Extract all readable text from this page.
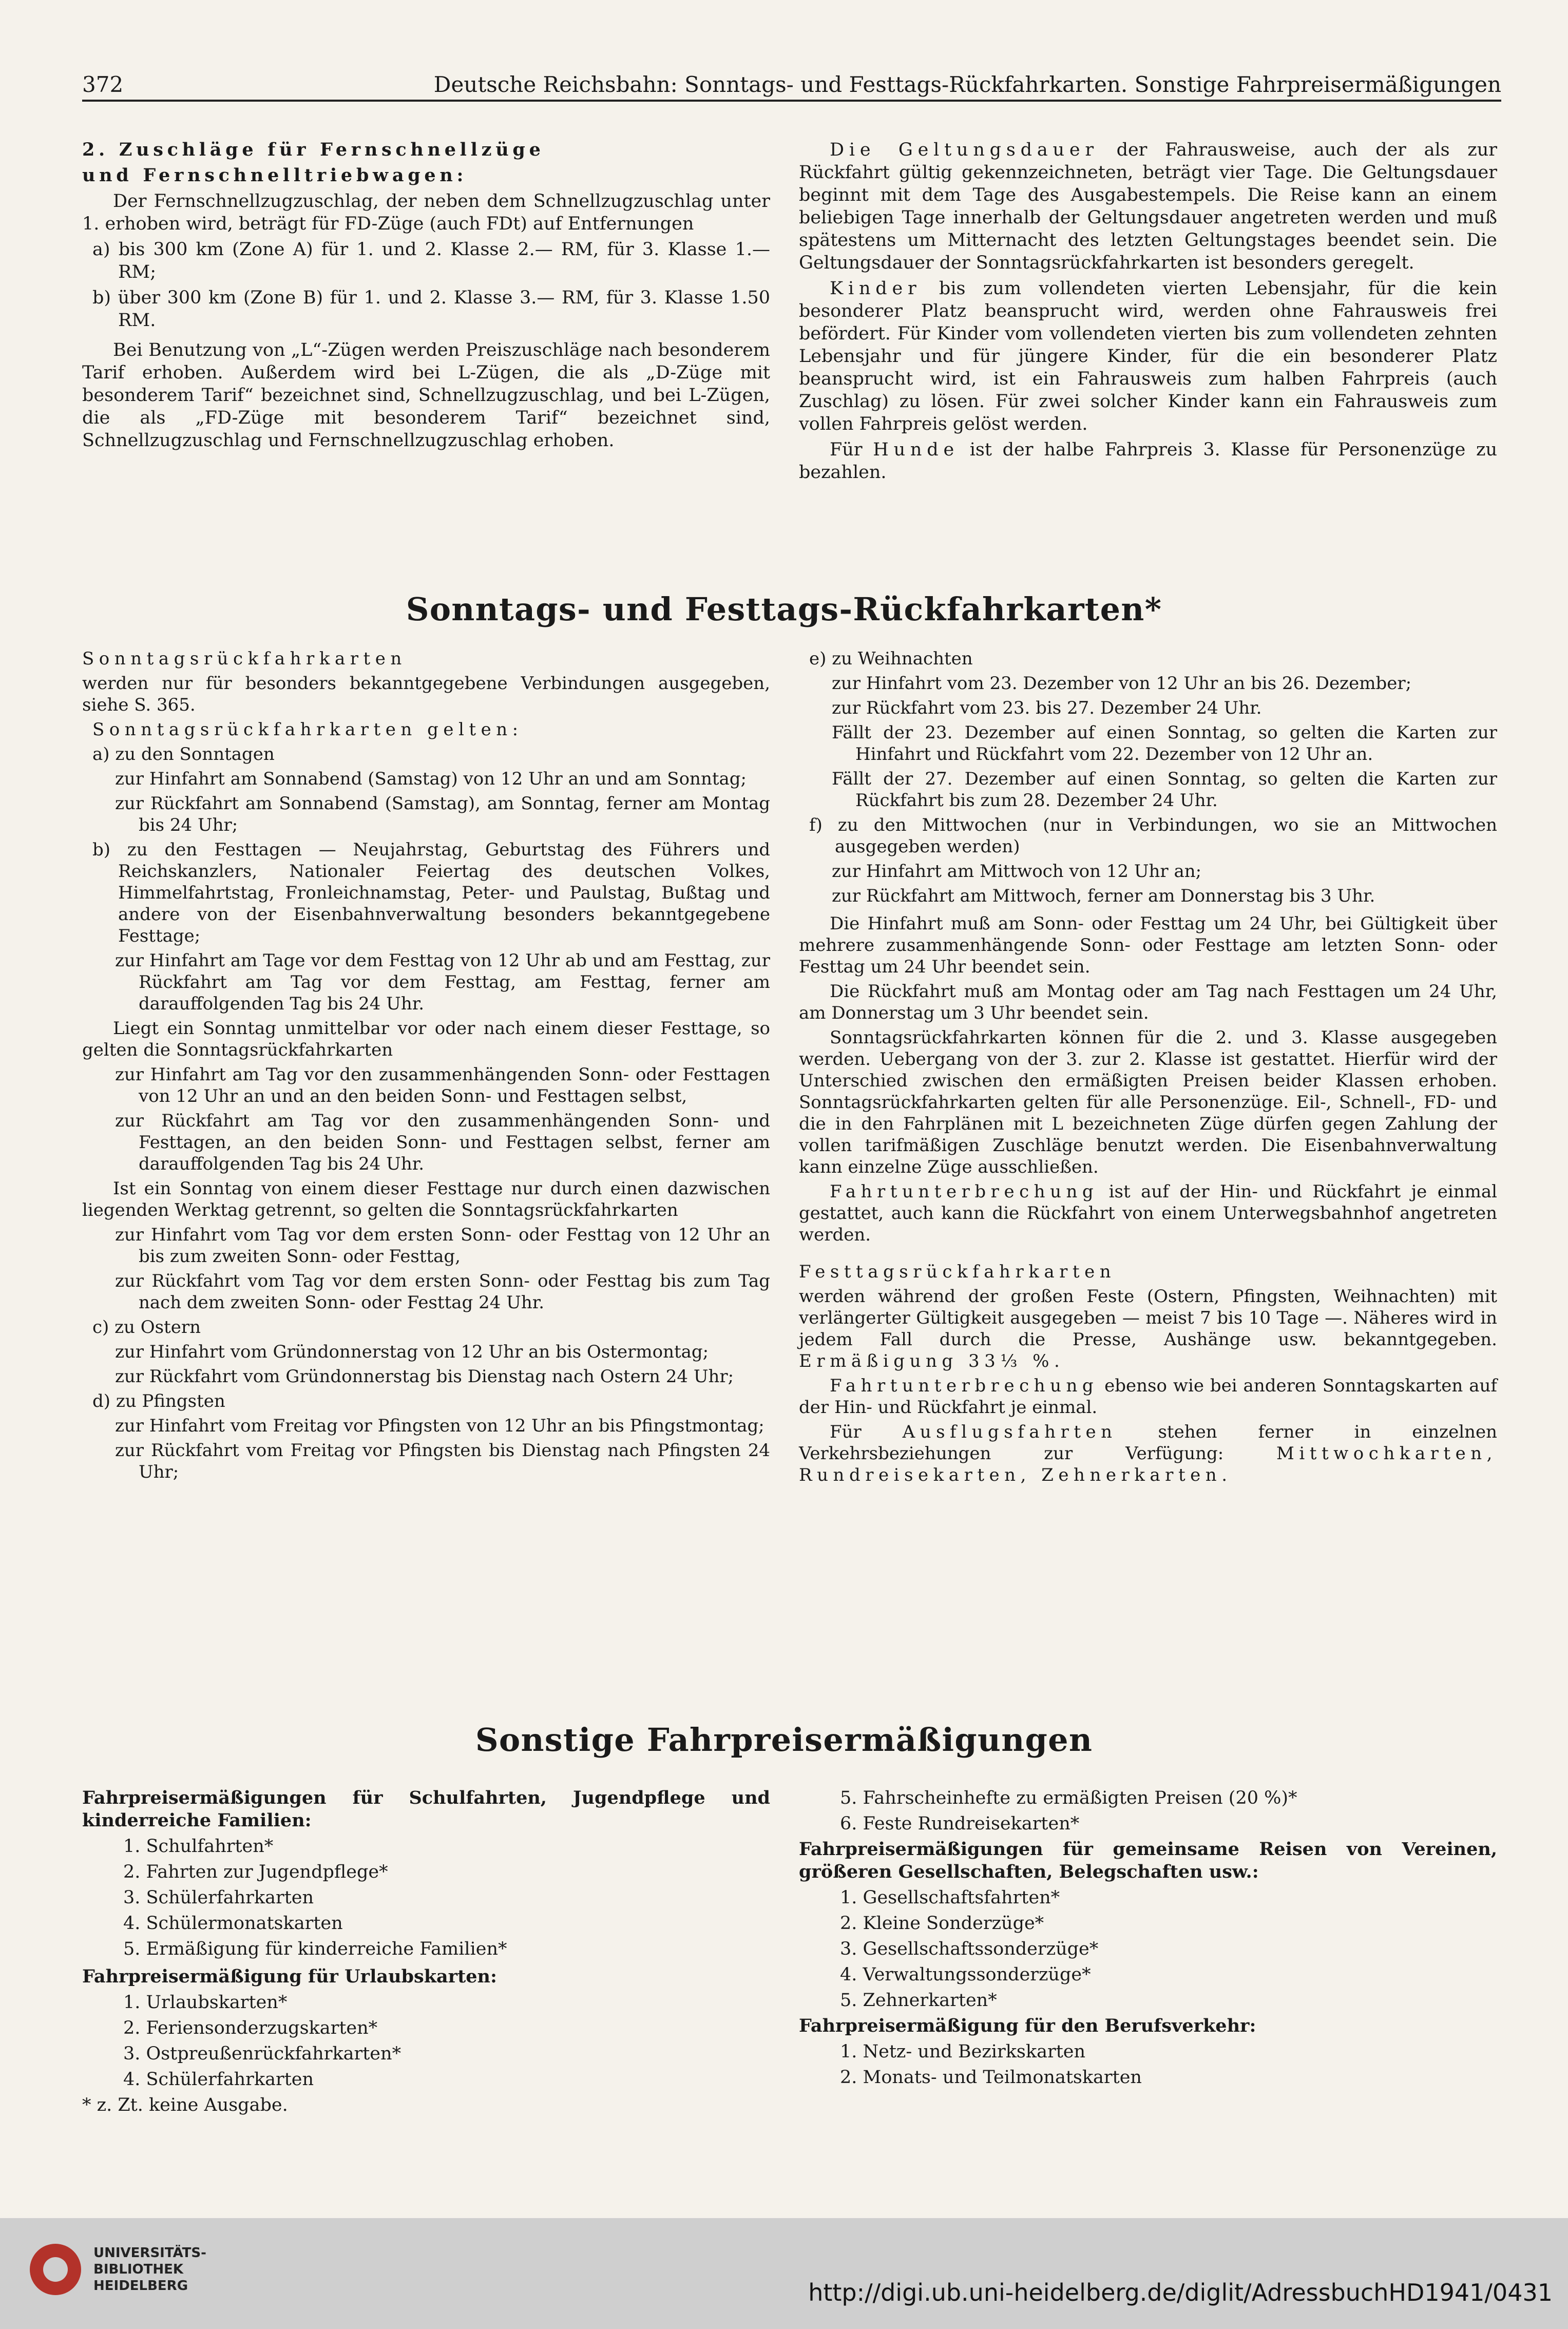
372	Deutsche Reichsbahn: Sonntags- und Festtags-Rückfahrkarten. Sonstige Fahrpreisermäßigungen

2. Zuschläge für Fernschnellzüge

und Fernschnelltriebwagen:

Der Fernschnellzugzuschlag, der neben dem Schnellzugzuschlag unter 1. erhoben wird, beträgt für FD-Züge (auch FDt) auf Entfernungen

a) bis 300 km (Zone A) für 1. und 2. Klasse 2.— RM, für 3. Klasse 1.— RM;

b) über 300 km (Zone B) für 1. und 2. Klasse 3.— RM, für 3. Klasse 1.50 RM.

Bei Benutzung von „L“-Zügen werden Preiszuschläge nach besonderem Tarif erhoben. Außerdem wird bei L-Zügen, die als „D-Züge mit besonderem Tarif“ bezeichnet sind, Schnellzugzuschlag, und bei L-Zügen, die als „FD-Züge mit besonderem Tarif“ bezeichnet sind, Schnellzugzuschlag und Fernschnellzugzuschlag erhoben.

Die Geltungsdauer der Fahrausweise, auch der als zur Rückfahrt gültig gekennzeichneten, beträgt vier Tage. Die Geltungsdauer beginnt mit dem Tage des Ausgabestempels. Die Reise kann an einem beliebigen Tage innerhalb der Geltungsdauer angetreten werden und muß spätestens um Mitternacht des letzten Geltungstages beendet sein. Die Geltungsdauer der Sonntagsrückfahrkarten ist besonders geregelt.

Kinder bis zum vollendeten vierten Lebensjahr, für die kein besonderer Platz beansprucht wird, werden ohne Fahrausweis frei befördert. Für Kinder vom vollendeten vierten bis zum vollendeten zehnten Lebensjahr und für jüngere Kinder, für die ein besonderer Platz beansprucht wird, ist ein Fahrausweis zum halben Fahrpreis (auch Zuschlag) zu lösen. Für zwei solcher Kinder kann ein Fahrausweis zum vollen Fahrpreis gelöst werden.

Für Hunde ist der halbe Fahrpreis 3. Klasse für Personenzüge zu bezahlen.

Sonntags- und Festtags-Rückfahrkarten*

Sonntagsrückfahrkarten

werden nur für besonders bekanntgegebene Verbindungen ausgegeben, siehe S. 365.

Sonntagsrückfahrkarten gelten:

a) zu den Sonntagen

zur Hinfahrt am Sonnabend (Samstag) von 12 Uhr an und am Sonntag;

zur Rückfahrt am Sonnabend (Samstag), am Sonntag, ferner am Montag bis 24 Uhr;

b) zu den Festtagen — Neujahrstag, Geburtstag des Führers und Reichskanzlers, Nationaler Feiertag des deutschen Volkes, Himmelfahrtstag, Fronleichnamstag, Peter- und Paulstag, Bußtag und andere von der Eisenbahnverwaltung besonders bekanntgegebene Festtage;

zur Hinfahrt am Tage vor dem Festtag von 12 Uhr ab und am Festtag, zur Rückfahrt am Tag vor dem Festtag, am Festtag, ferner am darauffolgenden Tag bis 24 Uhr.

Liegt ein Sonntag unmittelbar vor oder nach einem dieser Festtage, so gelten die Sonntagsrückfahrkarten

zur Hinfahrt am Tag vor den zusammenhängenden Sonn- oder Festtagen von 12 Uhr an und an den beiden Sonn- und Festtagen selbst,

zur Rückfahrt am Tag vor den zusammenhängenden Sonn- und Festtagen, an den beiden Sonn- und Festtagen selbst, ferner am darauffolgenden Tag bis 24 Uhr.

Ist ein Sonntag von einem dieser Festtage nur durch einen dazwischen liegenden Werktag getrennt, so gelten die Sonntagsrückfahrkarten

zur Hinfahrt vom Tag vor dem ersten Sonn- oder Festtag von 12 Uhr an bis zum zweiten Sonn- oder Festtag,

zur Rückfahrt vom Tag vor dem ersten Sonn- oder Festtag bis zum Tag nach dem zweiten Sonn- oder Festtag 24 Uhr.

c) zu Ostern

zur Hinfahrt vom Gründonnerstag von 12 Uhr an bis Ostermontag;

zur Rückfahrt vom Gründonnerstag bis Dienstag nach Ostern 24 Uhr;

d) zu Pfingsten

zur Hinfahrt vom Freitag vor Pfingsten von 12 Uhr an bis Pfingstmontag;

zur Rückfahrt vom Freitag vor Pfingsten bis Dienstag nach Pfingsten 24 Uhr;

e) zu Weihnachten

zur Hinfahrt vom 23. Dezember von 12 Uhr an bis 26. Dezember;

zur Rückfahrt vom 23. bis 27. Dezember 24 Uhr.

Fällt der 23. Dezember auf einen Sonntag, so gelten die Karten zur Hinfahrt und Rückfahrt vom 22. Dezember von 12 Uhr an.

Fällt der 27. Dezember auf einen Sonntag, so gelten die Karten zur Rückfahrt bis zum 28. Dezember 24 Uhr.

f) zu den Mittwochen (nur in Verbindungen, wo sie an Mittwochen ausgegeben werden)

zur Hinfahrt am Mittwoch von 12 Uhr an;

zur Rückfahrt am Mittwoch, ferner am Donnerstag bis 3 Uhr.

Die Hinfahrt muß am Sonn- oder Festtag um 24 Uhr, bei Gültigkeit über mehrere zusammenhängende Sonn- oder Festtage am letzten Sonn- oder Festtag um 24 Uhr beendet sein.

Die Rückfahrt muß am Montag oder am Tag nach Festtagen um 24 Uhr, am Donnerstag um 3 Uhr beendet sein.

Sonntagsrückfahrkarten können für die 2. und 3. Klasse ausgegeben werden. Uebergang von der 3. zur 2. Klasse ist gestattet. Hierfür wird der Unterschied zwischen den ermäßigten Preisen beider Klassen erhoben. Sonntagsrückfahrkarten gelten für alle Personenzüge. Eil-, Schnell-, FD- und die in den Fahrplänen mit L bezeichneten Züge dürfen gegen Zahlung der vollen tarifmäßigen Zuschläge benutzt werden. Die Eisenbahnverwaltung kann einzelne Züge ausschließen.

Fahrtunterbrechung ist auf der Hin- und Rückfahrt je einmal gestattet, auch kann die Rückfahrt von einem Unterwegsbahnhof angetreten werden.

Festtagsrückfahrkarten

werden während der großen Feste (Ostern, Pfingsten, Weihnachten) mit verlängerter Gültigkeit ausgegeben — meist 7 bis 10 Tage —. Näheres wird in jedem Fall durch die Presse, Aushänge usw. bekanntgegeben. Ermäßigung 33⅓ %.

Fahrtunterbrechung ebenso wie bei anderen Sonntagskarten auf der Hin- und Rückfahrt je einmal.

Für Ausflugsfahrten stehen ferner in einzelnen Verkehrsbeziehungen zur Verfügung: Mittwochkarten, Rundreisekarten, Zehnerkarten.

Sonstige Fahrpreisermäßigungen

Fahrpreisermäßigungen für Schulfahrten, Jugendpflege und kinderreiche Familien:

1. Schulfahrten*

2. Fahrten zur Jugendpflege*

3. Schülerfahrkarten

4. Schülermonatskarten

5. Ermäßigung für kinderreiche Familien*

Fahrpreisermäßigung für Urlaubskarten:

1. Urlaubskarten*

2. Feriensonderzugskarten*

3. Ostpreußenrückfahrkarten*

4. Schülerfahrkarten

* z. Zt. keine Ausgabe.

5. Fahrscheinhefte zu ermäßigten Preisen (20 %)*

6. Feste Rundreisekarten*

Fahrpreisermäßigungen für gemeinsame Reisen von Vereinen, größeren Gesellschaften, Belegschaften usw.:

1. Gesellschaftsfahrten*

2. Kleine Sonderzüge*

3. Gesellschaftssonderzüge*

4. Verwaltungssonderzüge*

5. Zehnerkarten*

Fahrpreisermäßigung für den Berufsverkehr:

1. Netz- und Bezirkskarten

2. Monats- und Teilmonatskarten

UNIVERSITÄTS-
BIBLIOTHEK
HEIDELBERG	http://digi.ub.uni-heidelberg.de/diglit/AdressbuchHD1941/0431
